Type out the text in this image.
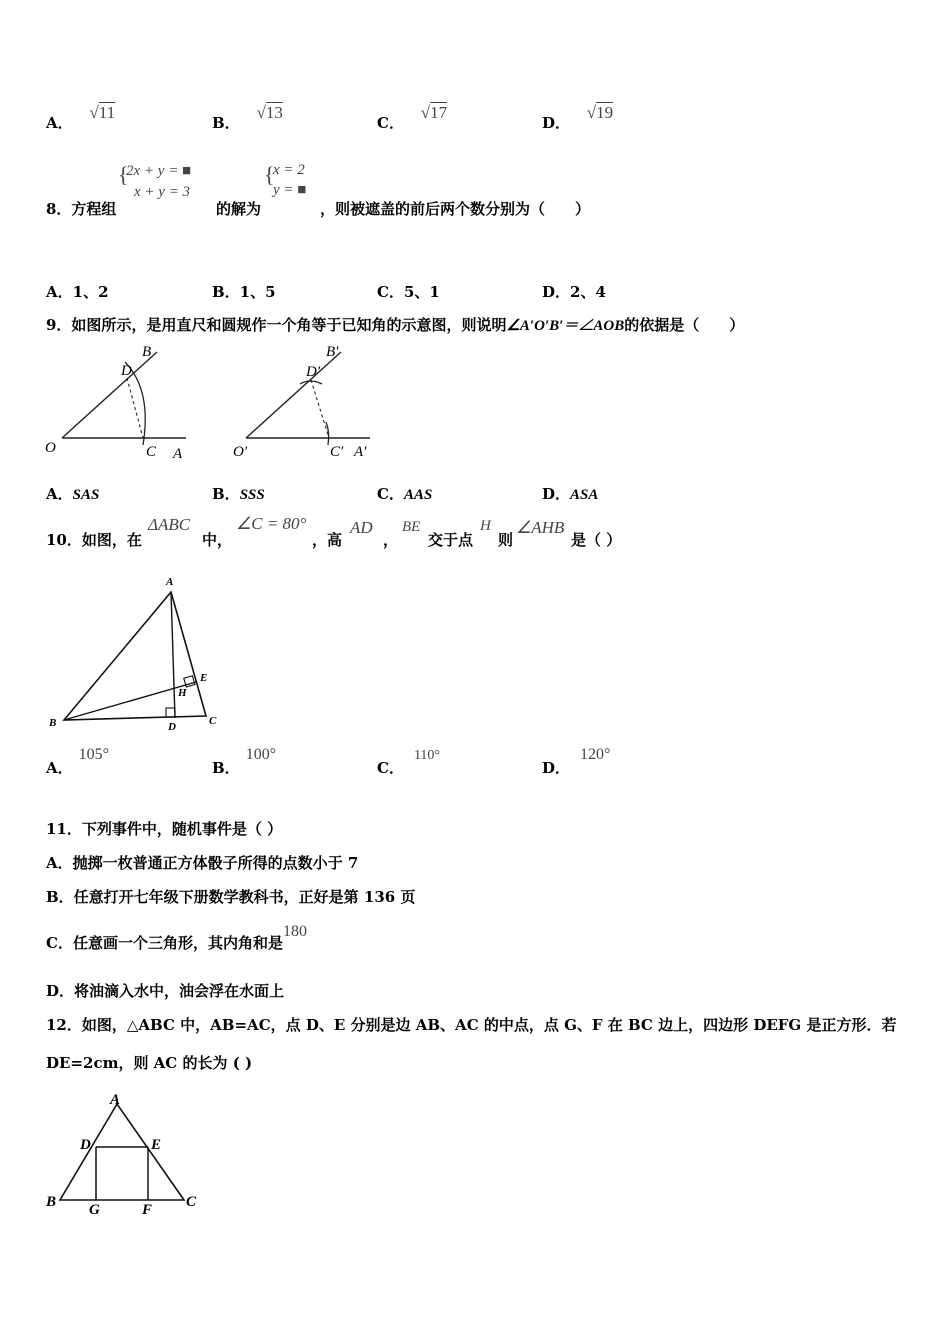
A． √11
B． √13
C． √17
D． √19
8．方程组
{
2x + y = ■
x + y = 3
的解为
{
x = 2
y = ■
，则被遮盖的前后两个数分别为（　　）
A．1、2	B．1、5	C．5、1	D．2、4
9．如图所示，是用直尺和圆规作一个角等于已知角的示意图，则说明∠A′O′B′＝∠AOB的依据是（　　）
O	A
B
C
D
O′	A′
B′
C′
D′
A．SAS	B．SSS	C．AAS	D．ASA
10．如图，在
ΔABC
中，
∠C = 80°
，高
AD
，
BE
交于点
H
则
∠AHB
是（ ）
A
B	C
D
E
H
A．105°
B．100°
C．110°
D．120°
11．下列事件中，随机事件是（ ）
A．抛掷一枚普通正方体骰子所得的点数小于 7
B．任意打开七年级下册数学教科书，正好是第 136 页
C．任意画一个三角形，其内角和是180
D．将油滴入水中，油会浮在水面上
12．如图，△ABC 中，AB=AC，点 D、E 分别是边 AB、AC 的中点，点 G、F 在 BC 边上，四边形 DEFG 是正方形．若
DE=2cm，则 AC 的长为 ( )
A
B	C
D	E
F
G
